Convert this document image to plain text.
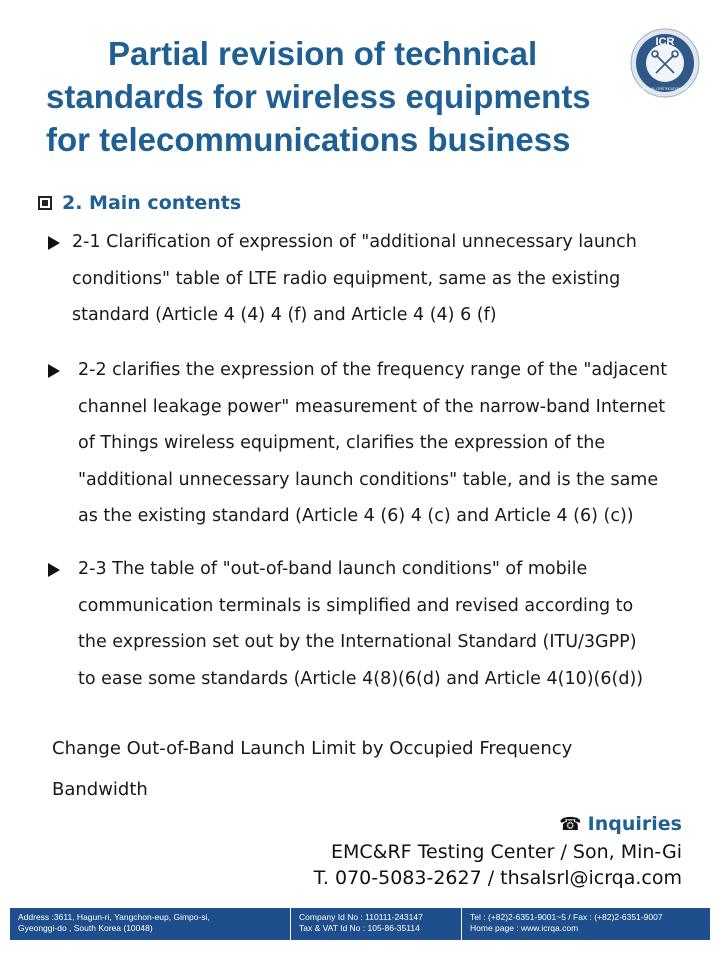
Partial revision of technical
standards for wireless equipments
for telecommunications business
ICR
INTERNATIONAL CERTIFICATION REGISTRAR
2. Main contents
2-1 Clarification of expression of "additional unnecessary launch
conditions" table of LTE radio equipment, same as the existing
standard (Article 4 (4) 4 (f) and Article 4 (4) 6 (f)
2-2 clarifies the expression of the frequency range of the "adjacent
channel leakage power" measurement of the narrow-band Internet
of Things wireless equipment, clarifies the expression of the
"additional unnecessary launch conditions" table, and is the same
as the existing standard (Article 4 (6) 4 (c) and Article 4 (6) (c))
2-3 The table of "out-of-band launch conditions" of mobile
communication terminals is simplified and revised according to
the expression set out by the International Standard (ITU/3GPP)
to ease some standards (Article 4(8)(6(d) and Article 4(10)(6(d))
Change Out-of-Band Launch Limit by Occupied Frequency Bandwidth
☎ Inquiries
EMC&RF Testing Center / Son, Min-Gi
T. 070-5083-2627 / thsalsrl@icrqa.com
Address :3611, Hagun-ri, Yangchon-eup, Gimpo-si,
Gyeonggi-do , South Korea (10048)
Company Id No : 110111-243147
Tax & VAT Id No : 105-86-35114
Tel : (+82)2-6351-9001~5 / Fax : (+82)2-6351-9007
Home page : www.icrqa.com
